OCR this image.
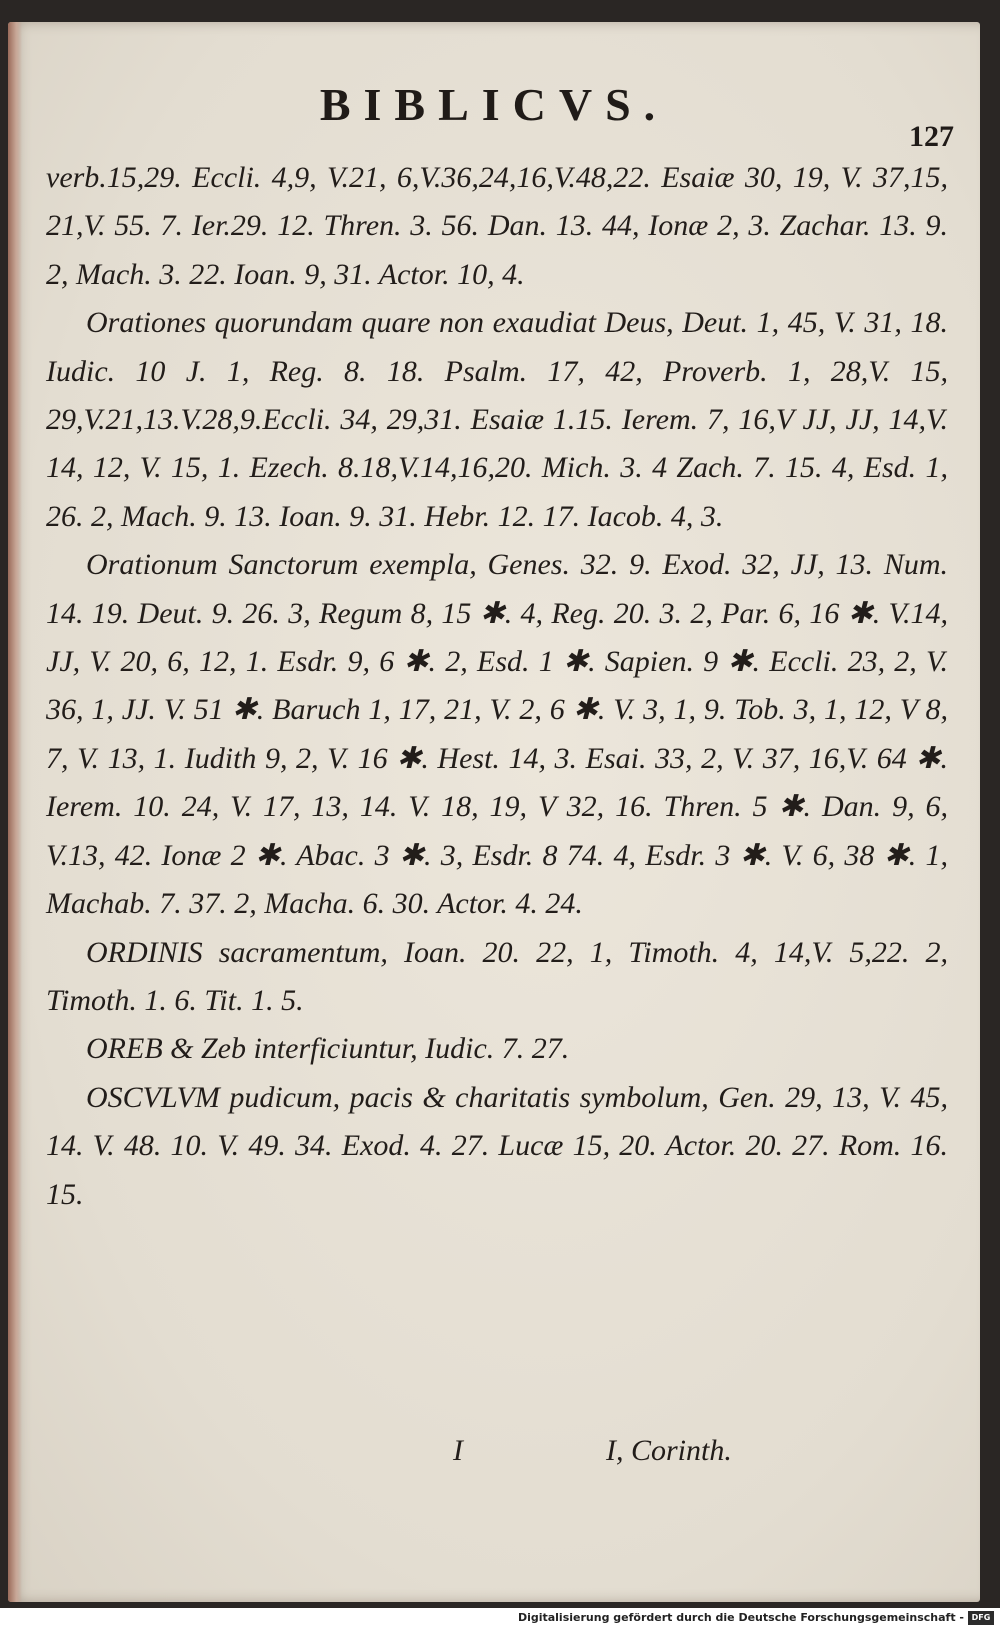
BIBLICVS.
127

verb.15,29. Eccli. 4,9, V.21, 6,V.36,24,16,V.48,22. Esaiæ 30, 19, V. 37,15, 21,V. 55. 7. Ier.29. 12. Thren. 3. 56. Dan. 13. 44, Ionæ 2, 3. Zachar. 13. 9. 2, Mach. 3. 22. Ioan. 9, 31. Actor. 10, 4.

Orationes quorundam quare non exaudiat Deus, Deut. 1, 45, V. 31, 18. Iudic. 10 J. 1, Reg. 8. 18. Psalm. 17, 42, Proverb. 1, 28,V. 15, 29,V.21,13.V.28,9.Eccli. 34, 29,31. Esaiæ 1.15. Ierem. 7, 16,V JJ, JJ, 14,V. 14, 12, V. 15, 1. Ezech. 8.18,V.14,16,20. Mich. 3. 4 Zach. 7. 15. 4, Esd. 1, 26. 2, Mach. 9. 13. Ioan. 9. 31. Hebr. 12. 17. Iacob. 4, 3.

Orationum Sanctorum exempla, Genes. 32. 9. Exod. 32, JJ, 13. Num. 14. 19. Deut. 9. 26. 3, Regum 8, 15 ✱. 4, Reg. 20. 3. 2, Par. 6, 16 ✱. V.14, JJ, V. 20, 6, 12, 1. Esdr. 9, 6 ✱. 2, Esd. 1 ✱. Sapien. 9 ✱. Eccli. 23, 2, V. 36, 1, JJ. V. 51 ✱. Baruch 1, 17, 21, V. 2, 6 ✱. V. 3, 1, 9. Tob. 3, 1, 12, V 8, 7, V. 13, 1. Iudith 9, 2, V. 16 ✱. Hest. 14, 3. Esai. 33, 2, V. 37, 16,V. 64 ✱. Ierem. 10. 24, V. 17, 13, 14. V. 18, 19, V 32, 16. Thren. 5 ✱. Dan. 9, 6, V.13, 42. Ionæ 2 ✱. Abac. 3 ✱. 3, Esdr. 8 74. 4, Esdr. 3 ✱. V. 6, 38 ✱. 1, Machab. 7. 37. 2, Macha. 6. 30. Actor. 4. 24.

ORDINIS sacramentum, Ioan. 20. 22, 1, Timoth. 4, 14,V. 5,22. 2, Timoth. 1. 6. Tit. 1. 5.

OREB & Zeb interficiuntur, Iudic. 7. 27.

OSCVLVM pudicum, pacis & charitatis symbolum, Gen. 29, 13, V. 45, 14. V. 48. 10. V. 49. 34. Exod. 4. 27. Lucæ 15, 20. Actor. 20. 27. Rom. 16. 15.

I	I, Corinth.
Digitalisierung gefördert durch die Deutsche Forschungsgemeinschaft - DFG
